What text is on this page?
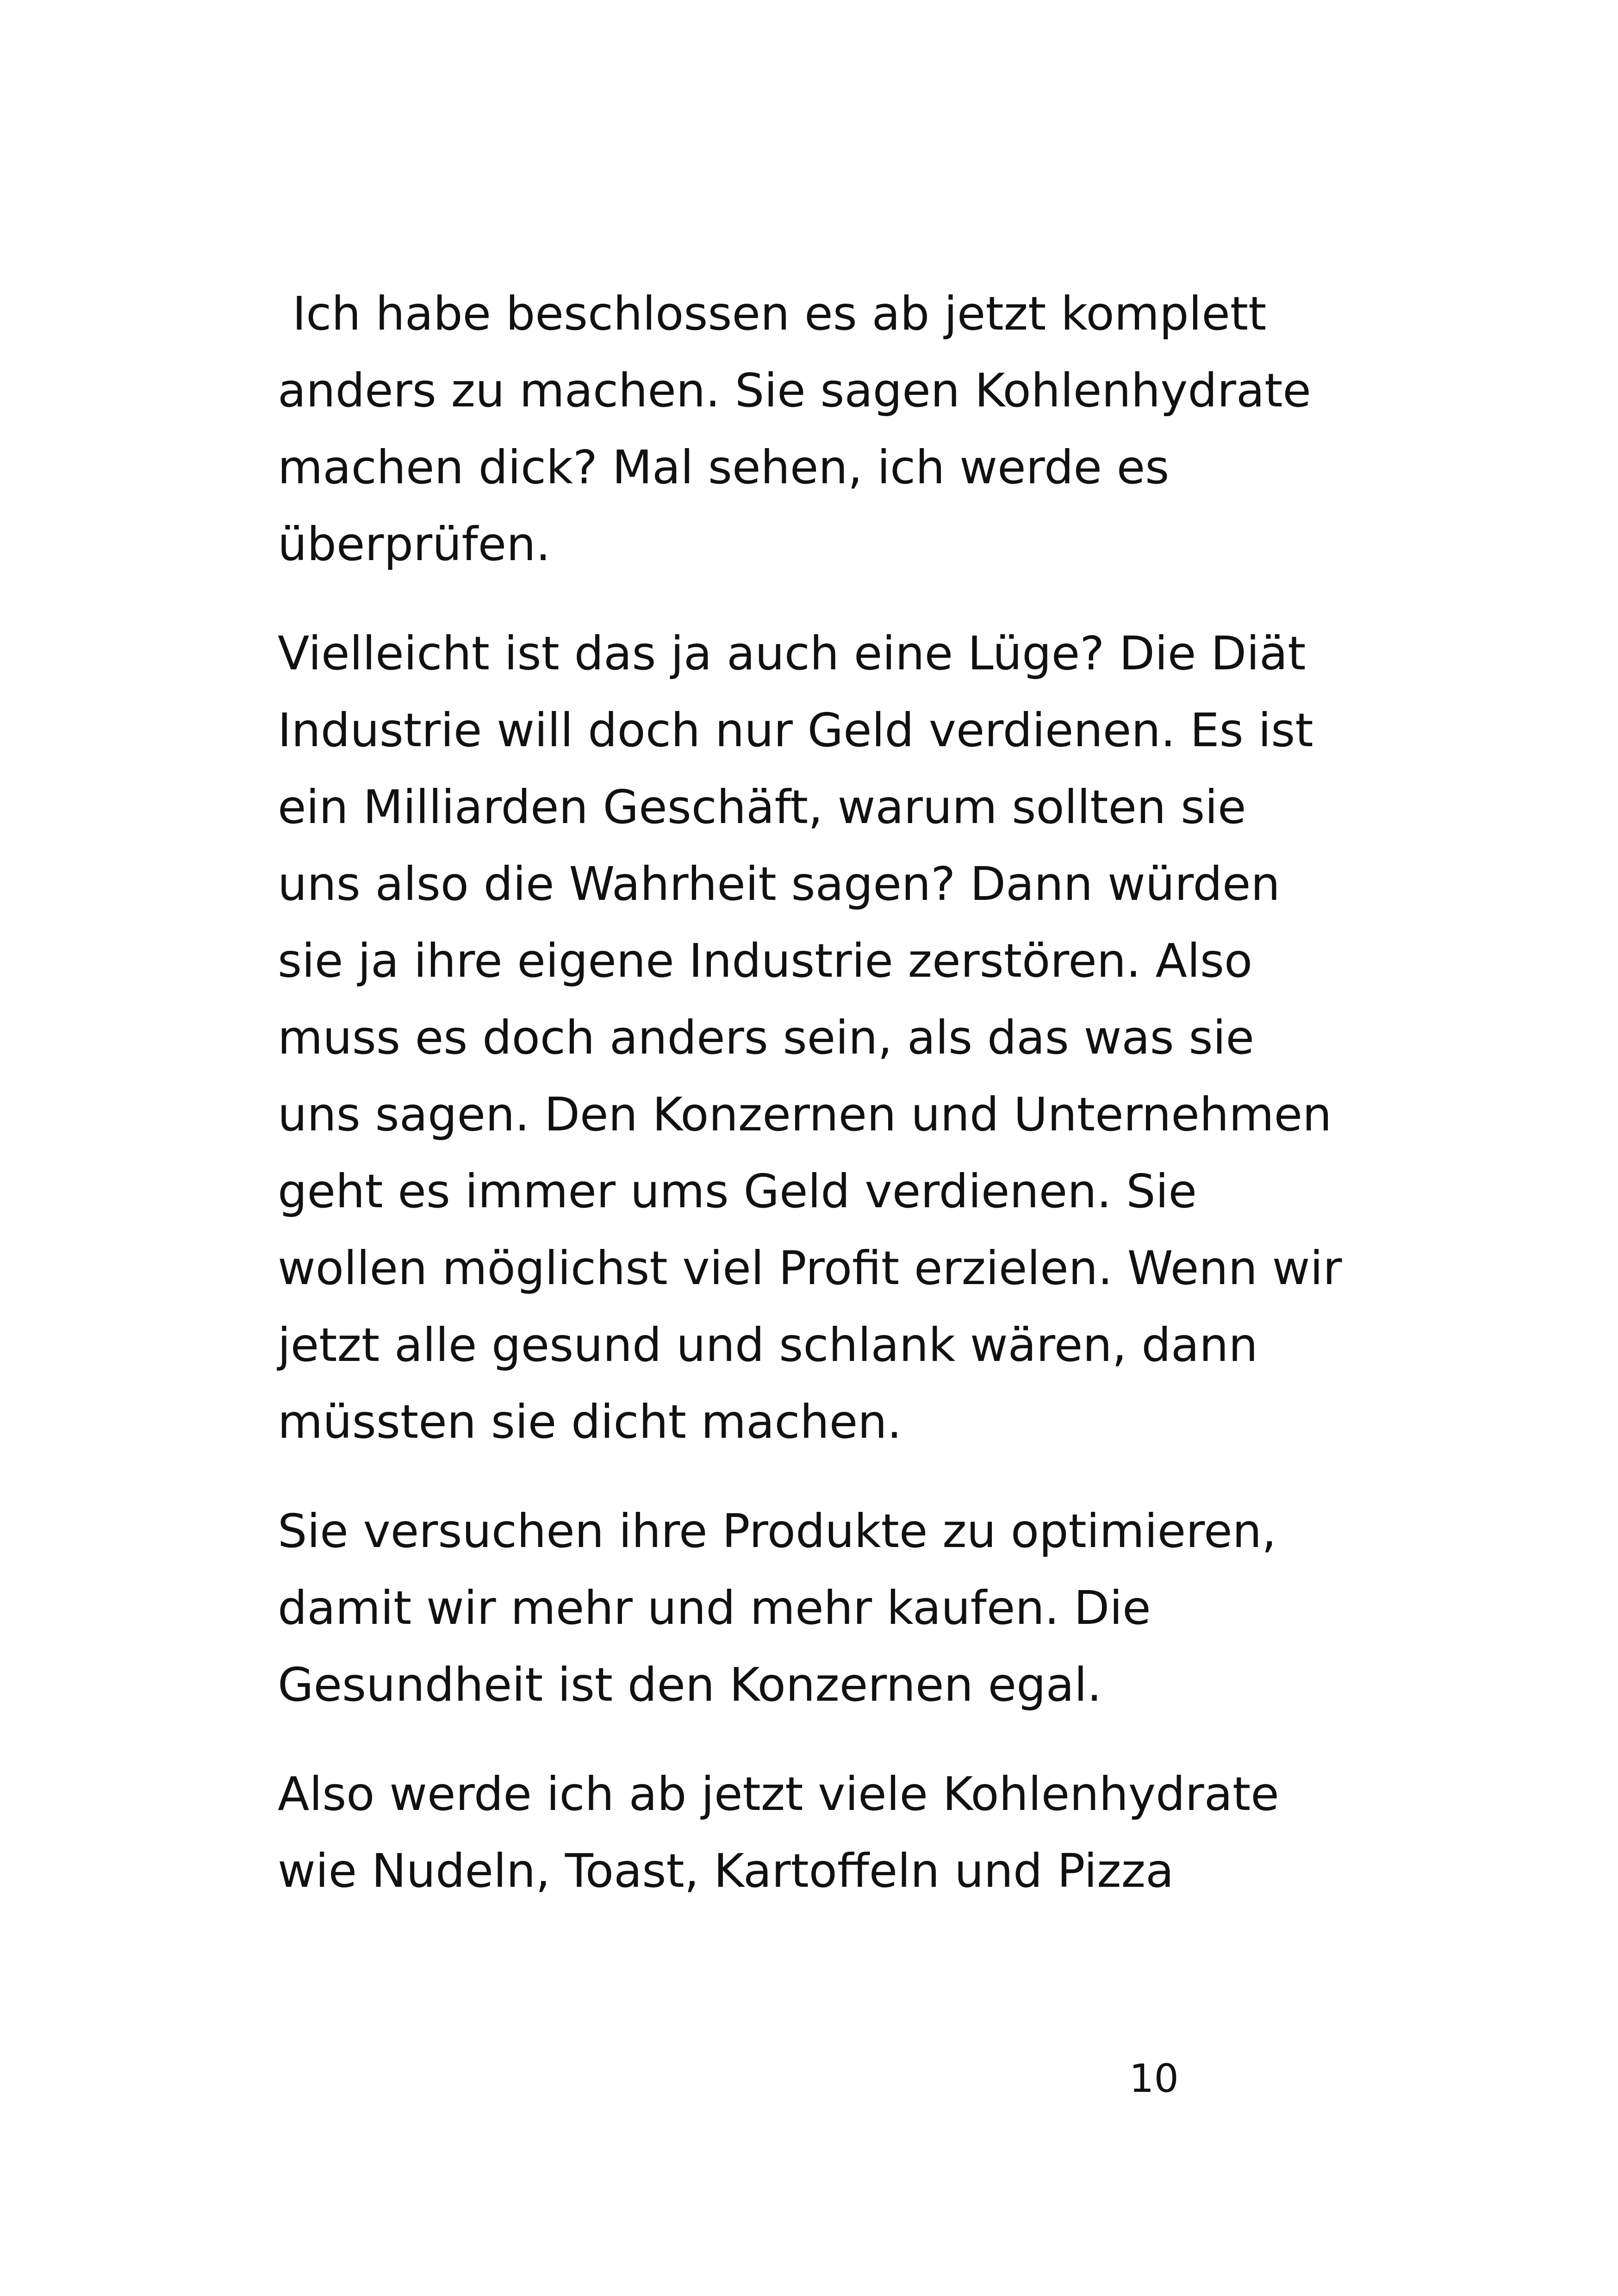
Ich habe beschlossen es ab jetzt komplett
anders zu machen. Sie sagen Kohlenhydrate
machen dick? Mal sehen, ich werde es
überprüfen.
Vielleicht ist das ja auch eine Lüge? Die Diät
Industrie will doch nur Geld verdienen. Es ist
ein Milliarden Geschäft, warum sollten sie
uns also die Wahrheit sagen? Dann würden
sie ja ihre eigene Industrie zerstören. Also
muss es doch anders sein, als das was sie
uns sagen. Den Konzernen und Unternehmen
geht es immer ums Geld verdienen. Sie
wollen möglichst viel Profit erzielen. Wenn wir
jetzt alle gesund und schlank wären, dann
müssten sie dicht machen.
Sie versuchen ihre Produkte zu optimieren,
damit wir mehr und mehr kaufen. Die
Gesundheit ist den Konzernen egal.
Also werde ich ab jetzt viele Kohlenhydrate
wie Nudeln, Toast, Kartoffeln und Pizza
10
